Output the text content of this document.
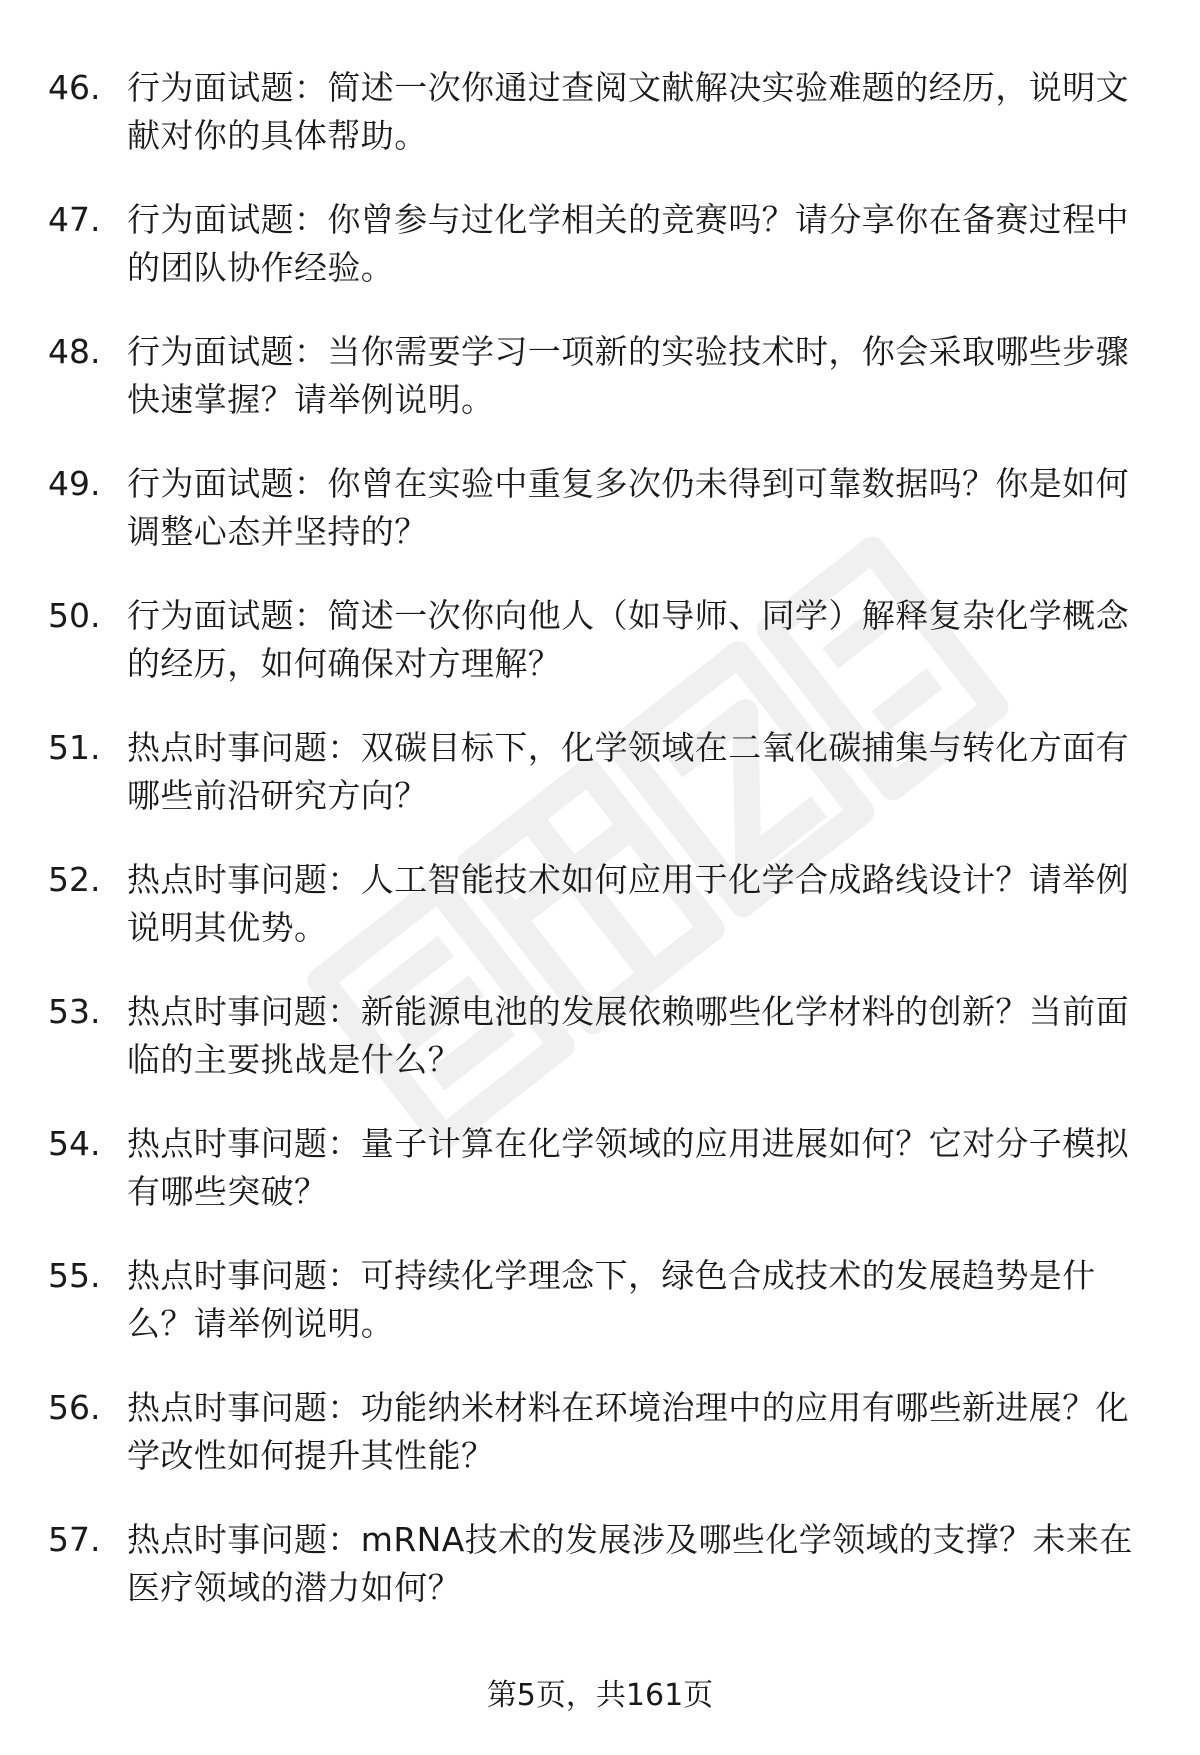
46. 行为面试题：简述一次你通过查阅文献解决实验难题的经历，说明文献对你的具体帮助。

47. 行为面试题：你曾参与过化学相关的竞赛吗？请分享你在备赛过程中的团队协作经验。

48. 行为面试题：当你需要学习一项新的实验技术时，你会采取哪些步骤快速掌握？请举例说明。

49. 行为面试题：你曾在实验中重复多次仍未得到可靠数据吗？你是如何调整心态并坚持的？

50. 行为面试题：简述一次你向他人（如导师、同学）解释复杂化学概念的经历，如何确保对方理解？

51. 热点时事问题：双碳目标下，化学领域在二氧化碳捕集与转化方面有哪些前沿研究方向？

52. 热点时事问题：人工智能技术如何应用于化学合成路线设计？请举例说明其优势。

53. 热点时事问题：新能源电池的发展依赖哪些化学材料的创新？当前面临的主要挑战是什么？

54. 热点时事问题：量子计算在化学领域的应用进展如何？它对分子模拟有哪些突破？

55. 热点时事问题：可持续化学理念下，绿色合成技术的发展趋势是什么？请举例说明。

56. 热点时事问题：功能纳米材料在环境治理中的应用有哪些新进展？化学改性如何提升其性能？

57. 热点时事问题：mRNA技术的发展涉及哪些化学领域的支撑？未来在医疗领域的潜力如何？

第5页，共161页
